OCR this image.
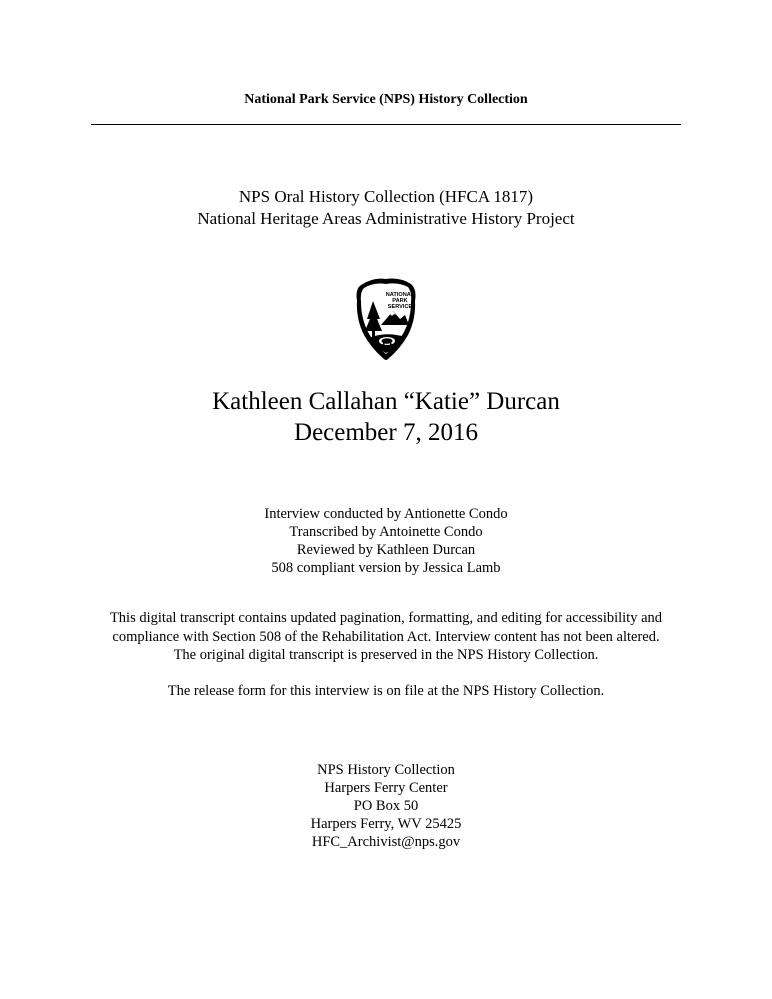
National Park Service (NPS) History Collection
NPS Oral History Collection (HFCA 1817)
National Heritage Areas Administrative History Project
NATIONAL
PARK
SERVICE
Kathleen Callahan “Katie” Durcan
December 7, 2016
Interview conducted by Antionette Condo
Transcribed by Antoinette Condo
Reviewed by Kathleen Durcan
508 compliant version by Jessica Lamb

This digital transcript contains updated pagination, formatting, and editing for accessibility and
compliance with Section 508 of the Rehabilitation Act. Interview content has not been altered.
The original digital transcript is preserved in the NPS History Collection.

The release form for this interview is on file at the NPS History Collection.

NPS History Collection
Harpers Ferry Center
PO Box 50
Harpers Ferry, WV 25425
HFC_Archivist@nps.gov
